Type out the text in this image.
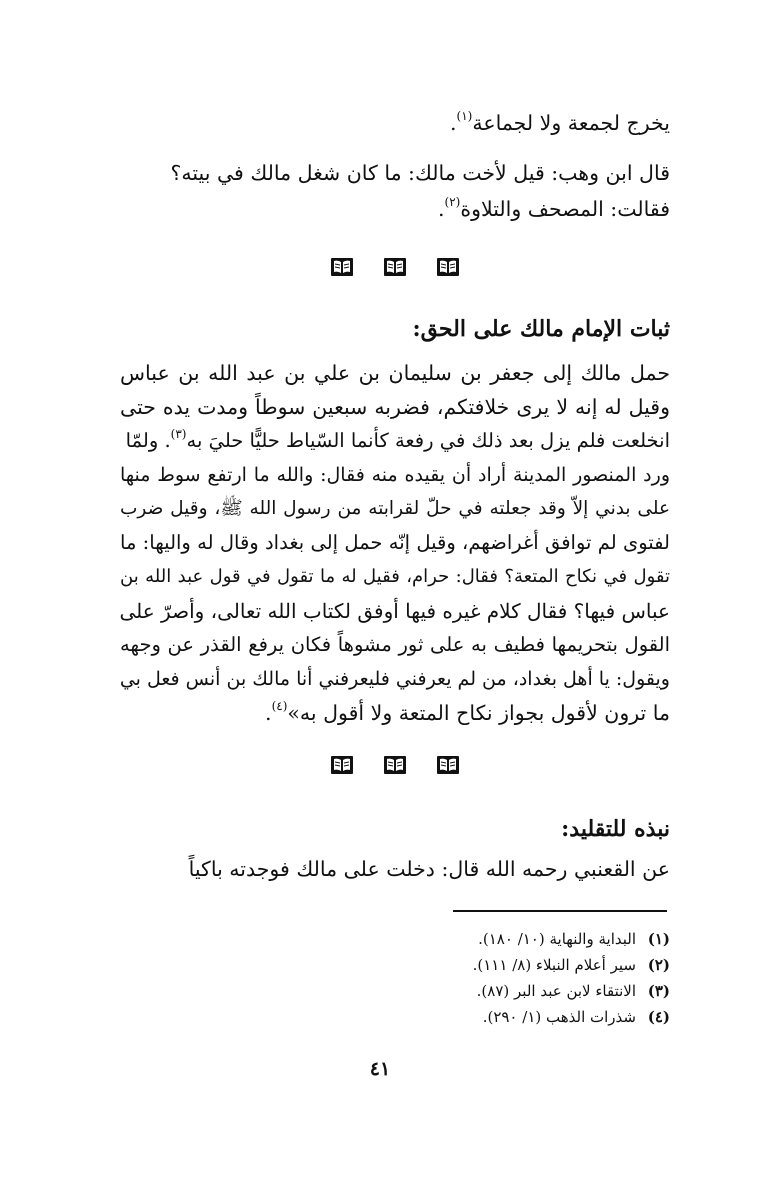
يخرج لجمعة ولا لجماعة$^{(١)}$.
قال ابن وهب: قيل لأخت مالك: ما كان شغل مالك في بيته؟
فقالت: المصحف والتلاوة$^{(٢)}$.
ثبات الإمام مالك على الحق:
حمل مالك إلى جعفر بن سليمان بن علي بن عبد الله بن عباس
وقيل له إنه لا يرى خلافتكم، فضربه سبعين سوطاً ومدت يده حتى
انخلعت فلم يزل بعد ذلك في رفعة كأنما السّياط حليًّا حليَ به$^{(٣)}$. ولمّا
ورد المنصور المدينة أراد أن يقيده منه فقال: والله ما ارتفع سوط منها
على بدني إلاّ وقد جعلته في حلّ لقرابته من رسول الله ﷺ، وقيل ضرب
لفتوى لم توافق أغراضهم، وقيل إنّه حمل إلى بغداد وقال له واليها: ما
تقول في نكاح المتعة؟ فقال: حرام، فقيل له ما تقول في قول عبد الله بن
عباس فيها؟ فقال كلام غيره فيها أوفق لكتاب الله تعالى، وأصرّ على
القول بتحريمها فطيف به على ثور مشوهاً فكان يرفع القذر عن وجهه
ويقول: يا أهل بغداد، من لم يعرفني فليعرفني أنا مالك بن أنس فعل بي
ما ترون لأقول بجواز نكاح المتعة ولا أقول به»$^{(٤)}$.
نبذه للتقليد:
عن القعنبي رحمه الله قال: دخلت على مالك فوجدته باكياً
(١)البداية والنهاية (١٠/ ١٨٠).
(٢)سير أعلام النبلاء (٨/ ١١١).
(٣)الانتقاء لابن عبد البر (٨٧).
(٤)شذرات الذهب (١/ ٢٩٠).
٤١
